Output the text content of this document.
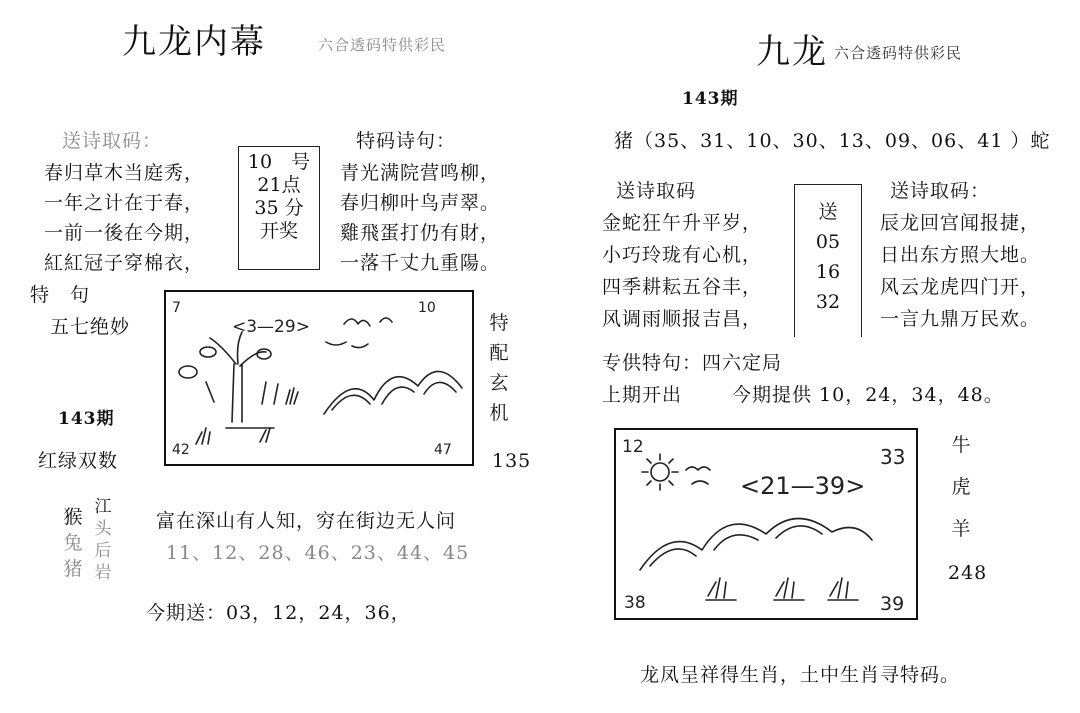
九龙内幕	六合透码特供彩民
送诗取码：	特码诗句：
春归草木当庭秀，
一年之计在于春，
一前一後在今期，
紅紅冠子穿棉衣，
10　号
21点
35 分
开奖
青光满院营鸣柳，
春归柳叶鸟声翠。
雞飛蛋打仍有財，
一落千丈九重陽。
特　句
五七绝妙
143期
红绿双数
7	10
<3—29>
42	47
特
配
玄
机
135
猴
兔
猪
江
头
后
岩
富在深山有人知，穷在街边无人问
11、12、28、46、23、44、45
今期送：03，12，24，36，
九龙 六合透码特供彩民
143期
猪（35、31、10、30、13、09、06、41 ）蛇
送诗取码	送诗取码：
金蛇狂午升平岁，
小巧玲珑有心机，
四季耕耘五谷丰，
风调雨顺报吉昌，
送
05
16
32
辰龙回宫闻报捷，
日出东方照大地。
风云龙虎四门开，
一言九鼎万民欢。
专供特句：四六定局
上期开出	今期提供 10，24，34，48。
12	33
<21—39>
38	39
牛
虎
羊
248
龙凤呈祥得生肖，土中生肖寻特码。
